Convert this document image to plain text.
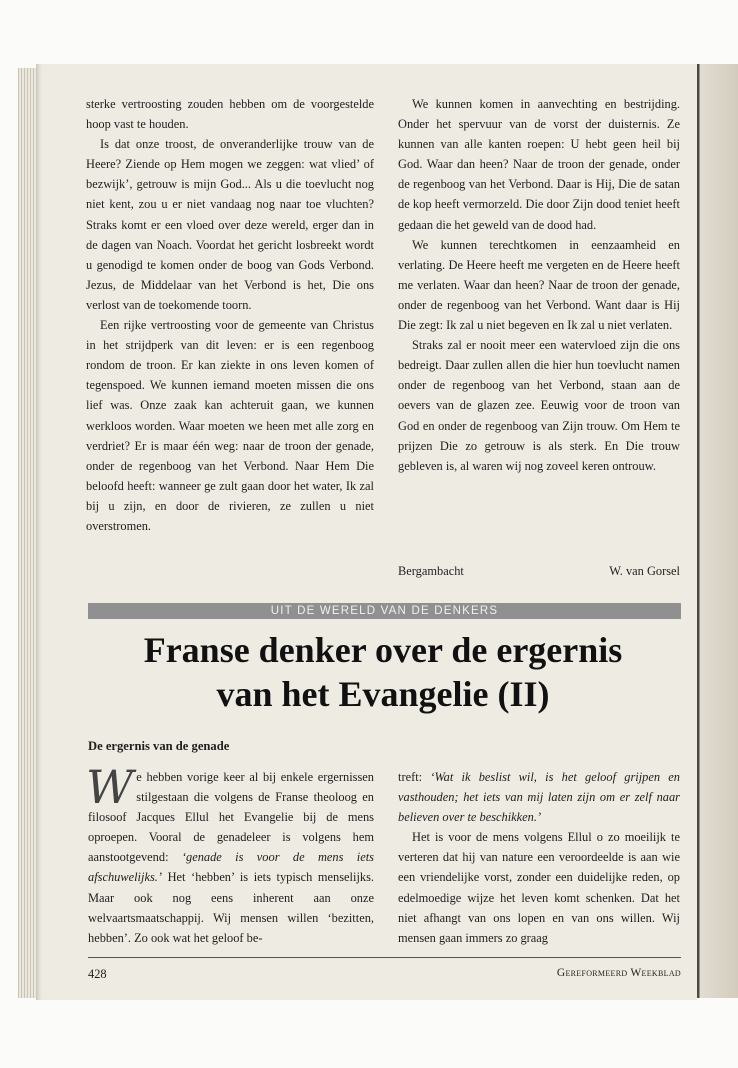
sterke vertroosting zouden hebben om de voorgestelde hoop vast te houden.

Is dat onze troost, de onveranderlijke trouw van de Heere? Ziende op Hem mogen we zeggen: wat vlied’ of bezwijk’, getrouw is mijn God... Als u die toevlucht nog niet kent, zou u er niet vandaag nog naar toe vluchten? Straks komt er een vloed over deze wereld, erger dan in de dagen van Noach. Voordat het gericht losbreekt wordt u genodigd te komen onder de boog van Gods Verbond. Jezus, de Middelaar van het Verbond is het, Die ons verlost van de toekomende toorn.

Een rijke vertroosting voor de gemeente van Christus in het strijdperk van dit leven: er is een regenboog rondom de troon. Er kan ziekte in ons leven komen of tegenspoed. We kunnen iemand moeten missen die ons lief was. Onze zaak kan achteruit gaan, we kunnen werkloos worden. Waar moeten we heen met alle zorg en verdriet? Er is maar één weg: naar de troon der genade, onder de regenboog van het Verbond. Naar Hem Die beloofd heeft: wanneer ge zult gaan door het water, Ik zal bij u zijn, en door de rivieren, ze zullen u niet overstromen.

We kunnen komen in aanvechting en bestrijding. Onder het spervuur van de vorst der duisternis. Ze kunnen van alle kanten roepen: U hebt geen heil bij God. Waar dan heen? Naar de troon der genade, onder de regenboog van het Verbond. Daar is Hij, Die de satan de kop heeft vermorzeld. Die door Zijn dood teniet heeft gedaan die het geweld van de dood had.

We kunnen terechtkomen in eenzaamheid en verlating. De Heere heeft me vergeten en de Heere heeft me verlaten. Waar dan heen? Naar de troon der genade, onder de regenboog van het Verbond. Want daar is Hij Die zegt: Ik zal u niet begeven en Ik zal u niet verlaten.

Straks zal er nooit meer een watervloed zijn die ons bedreigt. Daar zullen allen die hier hun toevlucht namen onder de regenboog van het Verbond, staan aan de oevers van de glazen zee. Eeuwig voor de troon van God en onder de regenboog van Zijn trouw. Om Hem te prijzen Die zo getrouw is als sterk. En Die trouw gebleven is, al waren wij nog zoveel keren ontrouw.

Bergambacht	W. van Gorsel
UIT DE WERELD VAN DE DENKERS
Franse denker over de ergernis
van het Evangelie (II)
De ergernis van de genade

We hebben vorige keer al bij enkele ergernissen stilgestaan die volgens de Franse theoloog en filosoof Jacques Ellul het Evangelie bij de mens oproepen. Vooral de genadeleer is volgens hem aanstootgevend: ‘genade is voor de mens iets afschuwelijks.’ Het ‘hebben’ is iets typisch menselijks. Maar ook nog eens inherent aan onze welvaartsmaatschappij. Wij mensen willen ‘bezitten, hebben’. Zo ook wat het geloof be-

treft: ‘Wat ik beslist wil, is het geloof grijpen en vasthouden; het iets van mij laten zijn om er zelf naar believen over te beschikken.’

Het is voor de mens volgens Ellul o zo moeilijk te verteren dat hij van nature een veroordeelde is aan wie een vriendelijke vorst, zonder een duidelijke reden, op edelmoedige wijze het leven komt schenken. Dat het niet afhangt van ons lopen en van ons willen. Wij mensen gaan immers zo graag

428	Gereformeerd Weekblad
